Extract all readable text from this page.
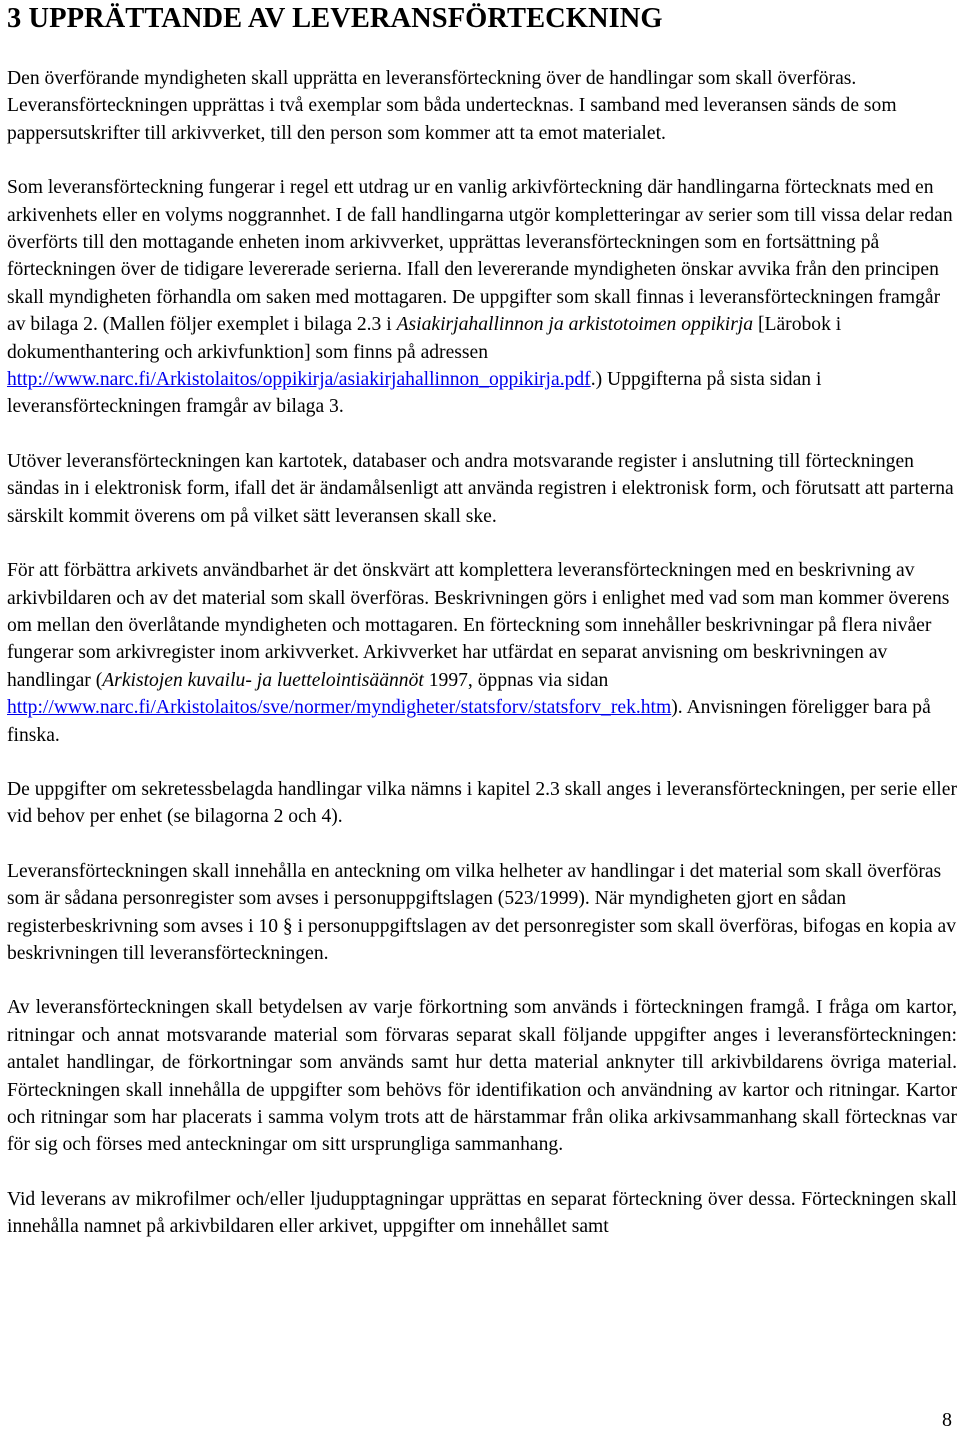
3 UPPRÄTTANDE AV LEVERANSFÖRTECKNING

Den överförande myndigheten skall upprätta en leveransförteckning över de handlingar som skall överföras. Leveransförteckningen upprättas i två exemplar som båda undertecknas. I samband med leveransen sänds de som pappersutskrifter till arkivverket, till den person som kommer att ta emot materialet.

Som leveransförteckning fungerar i regel ett utdrag ur en vanlig arkivförteckning där handlingarna förtecknats med en arkivenhets eller en volyms noggrannhet. I de fall handlingarna utgör kompletteringar av serier som till vissa delar redan överförts till den mottagande enheten inom arkivverket, upprättas leveransförteckningen som en fortsättning på förteckningen över de tidigare levererade serierna. Ifall den levererande myndigheten önskar avvika från den principen skall myndigheten förhandla om saken med mottagaren. De uppgifter som skall finnas i leveransförteckningen framgår av bilaga 2. (Mallen följer exemplet i bilaga 2.3 i Asiakirjahallinnon ja arkistotoimen oppikirja [Lärobok i dokumenthantering och arkivfunktion] som finns på adressen http://www.narc.fi/Arkistolaitos/oppikirja/asiakirjahallinnon_oppikirja.pdf.) Uppgifterna på sista sidan i leveransförteckningen framgår av bilaga 3.

Utöver leveransförteckningen kan kartotek, databaser och andra motsvarande register i anslutning till förteckningen sändas in i elektronisk form, ifall det är ändamålsenligt att använda registren i elektronisk form, och förutsatt att parterna särskilt kommit överens om på vilket sätt leveransen skall ske.

För att förbättra arkivets användbarhet är det önskvärt att komplettera leveransförteckningen med en beskrivning av arkivbildaren och av det material som skall överföras. Beskrivningen görs i enlighet med vad som man kommer överens om mellan den överlåtande myndigheten och mottagaren. En förteckning som innehåller beskrivningar på flera nivåer fungerar som arkivregister inom arkivverket. Arkivverket har utfärdat en separat anvisning om beskrivningen av handlingar (Arkistojen kuvailu- ja luettelointisäännöt 1997, öppnas via sidan http://www.narc.fi/Arkistolaitos/sve/normer/myndigheter/statsforv/statsforv_rek.htm). Anvisningen föreligger bara på finska.

De uppgifter om sekretessbelagda handlingar vilka nämns i kapitel 2.3 skall anges i leveransförteckningen, per serie eller vid behov per enhet (se bilagorna 2 och 4).

Leveransförteckningen skall innehålla en anteckning om vilka helheter av handlingar i det material som skall överföras som är sådana personregister som avses i personuppgiftslagen (523/1999). När myndigheten gjort en sådan registerbeskrivning som avses i 10 § i personuppgiftslagen av det personregister som skall överföras, bifogas en kopia av beskrivningen till leveransförteckningen.

Av leveransförteckningen skall betydelsen av varje förkortning som används i förteckningen framgå. I fråga om kartor, ritningar och annat motsvarande material som förvaras separat skall följande uppgifter anges i leveransförteckningen: antalet handlingar, de förkortningar som används samt hur detta material anknyter till arkivbildarens övriga material. Förteckningen skall innehålla de uppgifter som behövs för identifikation och användning av kartor och ritningar. Kartor och ritningar som har placerats i samma volym trots att de härstammar från olika arkivsammanhang skall förtecknas var för sig och förses med anteckningar om sitt ursprungliga sammanhang.

Vid leverans av mikrofilmer och/eller ljudupptagningar upprättas en separat förteckning över dessa. Förteckningen skall innehålla namnet på arkivbildaren eller arkivet, uppgifter om innehållet samt

8
